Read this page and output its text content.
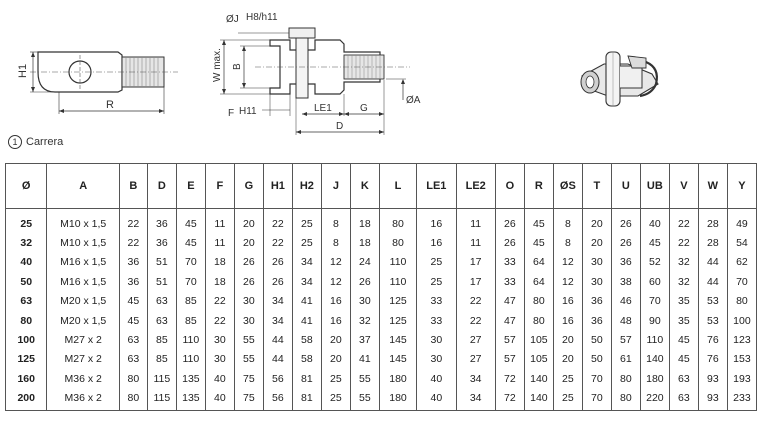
H1
R
ØJ H8/h11
W max. B
F H11	LE1	G
D
ØA
1 Carrera
Ø	A	B	D	E	F	G	H1	H2	J	K	L	LE1	LE2	O	R	ØS	T	U	UB	V	W	Y
25	M10 x 1,5	22	36	45	11	20	22	25	8	18	80	16	11	26	45	8	20	26	40	22	28	49
32	M10 x 1,5	22	36	45	11	20	22	25	8	18	80	16	11	26	45	8	20	26	45	22	28	54
40	M16 x 1,5	36	51	70	18	26	26	34	12	24	110	25	17	33	64	12	30	36	52	32	44	62
50	M16 x 1,5	36	51	70	18	26	26	34	12	26	110	25	17	33	64	12	30	38	60	32	44	70
63	M20 x 1,5	45	63	85	22	30	34	41	16	30	125	33	22	47	80	16	36	46	70	35	53	80
80	M20 x 1,5	45	63	85	22	30	34	41	16	32	125	33	22	47	80	16	36	48	90	35	53	100
100	M27 x 2	63	85	110	30	55	44	58	20	37	145	30	27	57	105	20	50	57	110	45	76	123
125	M27 x 2	63	85	110	30	55	44	58	20	41	145	30	27	57	105	20	50	61	140	45	76	153
160	M36 x 2	80	115	135	40	75	56	81	25	55	180	40	34	72	140	25	70	80	180	63	93	193
200	M36 x 2	80	115	135	40	75	56	81	25	55	180	40	34	72	140	25	70	80	220	63	93	233
